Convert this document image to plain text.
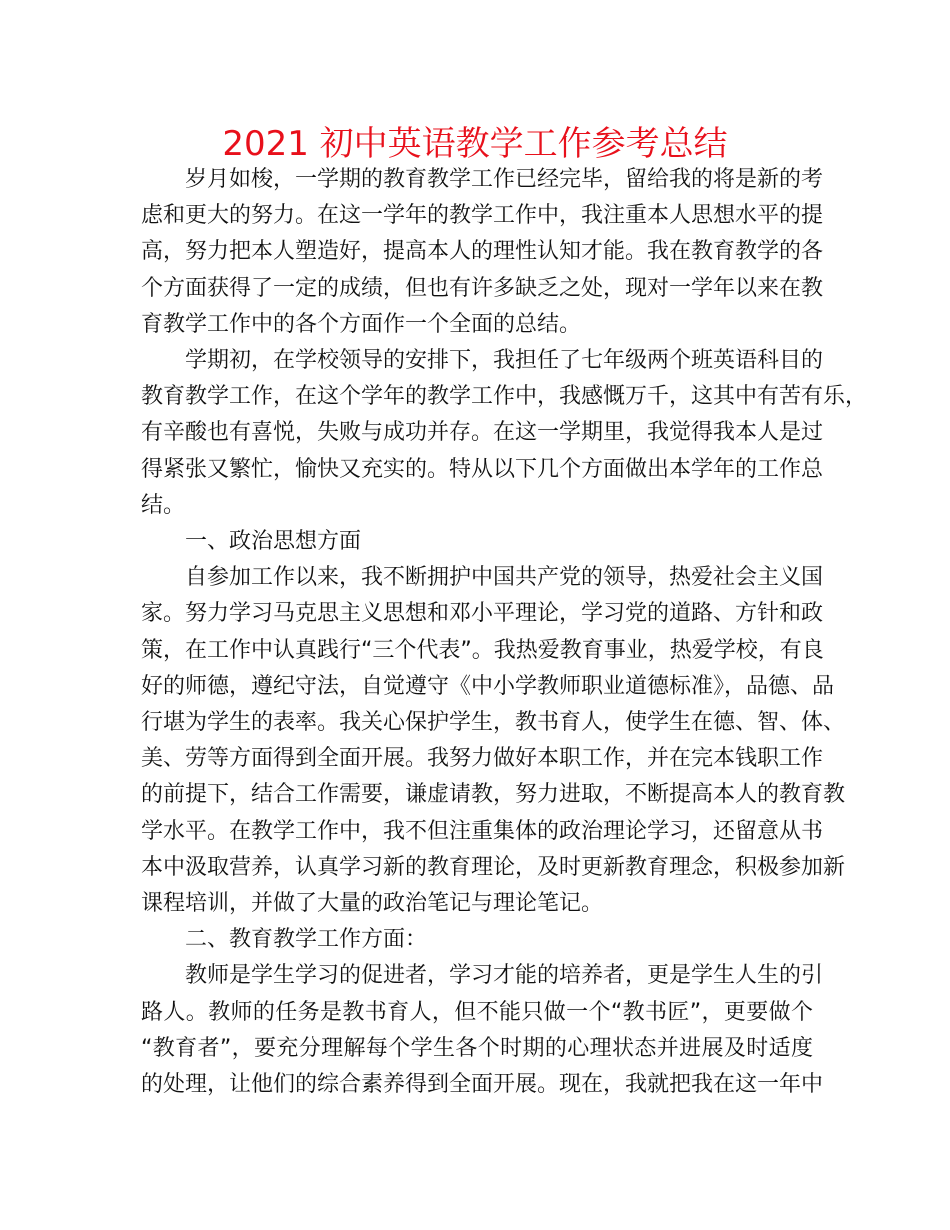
2021 初中英语教学工作参考总结
岁月如梭，一学期的教育教学工作已经完毕，留给我的将是新的考
虑和更大的努力。在这一学年的教学工作中，我注重本人思想水平的提
高，努力把本人塑造好，提高本人的理性认知才能。我在教育教学的各
个方面获得了一定的成绩，但也有许多缺乏之处，现对一学年以来在教
育教学工作中的各个方面作一个全面的总结。
学期初，在学校领导的安排下，我担任了七年级两个班英语科目的
教育教学工作，在这个学年的教学工作中，我感慨万千，这其中有苦有乐，
有辛酸也有喜悦，失败与成功并存。在这一学期里，我觉得我本人是过
得紧张又繁忙，愉快又充实的。特从以下几个方面做出本学年的工作总
结。
一、政治思想方面
自参加工作以来，我不断拥护中国共产党的领导，热爱社会主义国
家。努力学习马克思主义思想和邓小平理论，学习党的道路、方针和政
策，在工作中认真践行“三个代表”。我热爱教育事业，热爱学校，有良
好的师德，遵纪守法，自觉遵守《中小学教师职业道德标准》，品德、品
行堪为学生的表率。我关心保护学生，教书育人，使学生在德、智、体、
美、劳等方面得到全面开展。我努力做好本职工作，并在完本钱职工作
的前提下，结合工作需要，谦虚请教，努力进取，不断提高本人的教育教
学水平。在教学工作中，我不但注重集体的政治理论学习，还留意从书
本中汲取营养，认真学习新的教育理论，及时更新教育理念，积极参加新
课程培训，并做了大量的政治笔记与理论笔记。
二、教育教学工作方面：
教师是学生学习的促进者，学习才能的培养者，更是学生人生的引
路人。教师的任务是教书育人，但不能只做一个“教书匠”，更要做个
“教育者”，要充分理解每个学生各个时期的心理状态并进展及时适度
的处理，让他们的综合素养得到全面开展。现在，我就把我在这一年中
